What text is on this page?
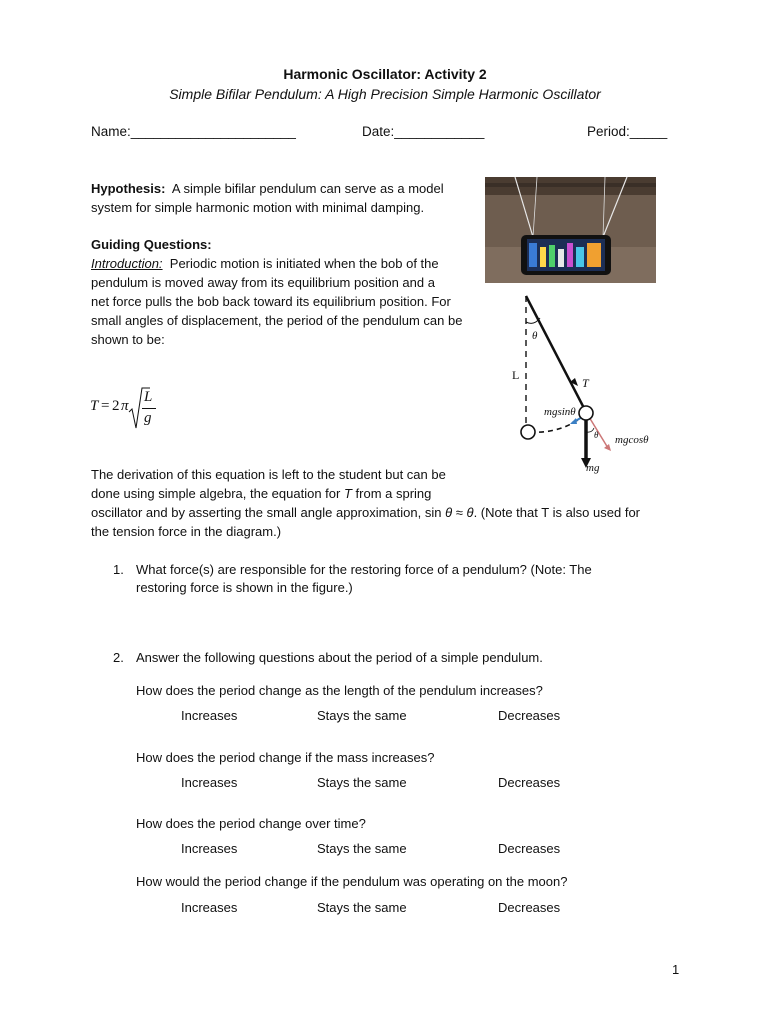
Harmonic Oscillator: Activity 2
Simple Bifilar Pendulum: A High Precision Simple Harmonic Oscillator
Name:______________________	Date:____________	Period:_____
Hypothesis: A simple bifilar pendulum can serve as a model
system for simple harmonic motion with minimal damping.
Guiding Questions:
Introduction: Periodic motion is initiated when the bob of the
pendulum is moved away from its equilibrium position and a
net force pulls the bob back toward its equilibrium position. For
small angles of displacement, the period of the pendulum can be
shown to be:
T = 2 π
L
g
θ
L
T
mgsinθ
mgcosθ
θ
mg
The derivation of this equation is left to the student but can be
done using simple algebra, the equation for T from a spring
oscillator and by asserting the small angle approximation, sin θ ≈ θ. (Note that T is also used for
the tension force in the diagram.)
1. What force(s) are responsible for the restoring force of a pendulum? (Note: The
restoring force is shown in the figure.)
2. Answer the following questions about the period of a simple pendulum.
How does the period change as the length of the pendulum increases?
Increases	Stays the same	Decreases
How does the period change if the mass increases?
Increases	Stays the same	Decreases
How does the period change over time?
Increases	Stays the same	Decreases
How would the period change if the pendulum was operating on the moon?
Increases	Stays the same	Decreases
1
